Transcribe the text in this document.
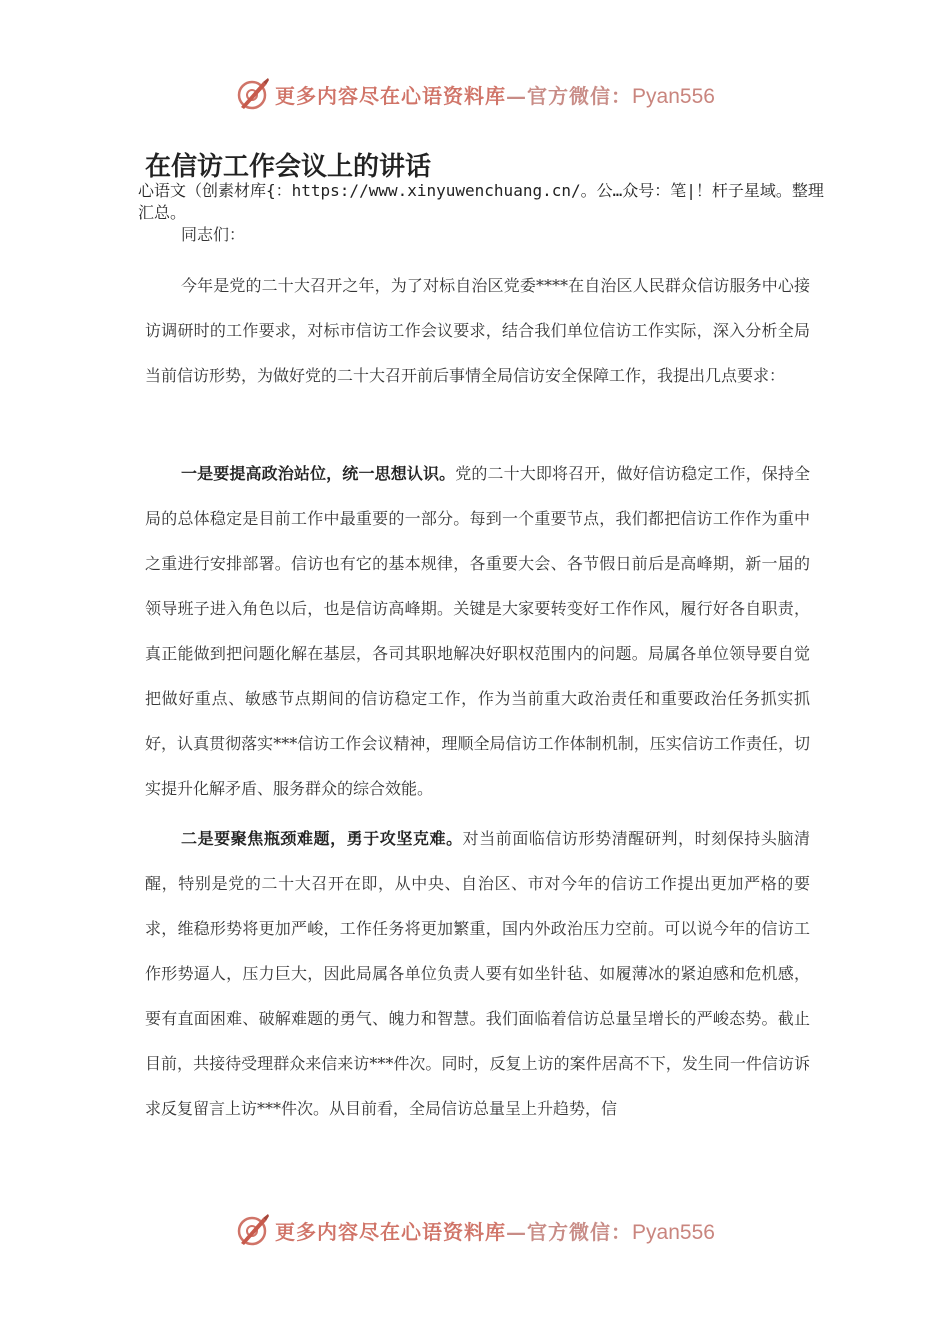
更多内容尽在心语资料库—官方微信：Pyan556
在信访工作会议上的讲话
心语文（创素材库{：https://www.xinyuwenchuang.cn/。公…众号：笔|！杆子星域。整理汇总。
同志们：

今年是党的二十大召开之年，为了对标自治区党委****在自治区人民群众信访服务中心接访调研时的工作要求，对标市信访工作会议要求，结合我们单位信访工作实际，深入分析全局当前信访形势，为做好党的二十大召开前后事情全局信访安全保障工作，我提出几点要求：

一是要提高政治站位，统一思想认识。党的二十大即将召开，做好信访稳定工作，保持全局的总体稳定是目前工作中最重要的一部分。每到一个重要节点，我们都把信访工作作为重中之重进行安排部署。信访也有它的基本规律，各重要大会、各节假日前后是高峰期，新一届的领导班子进入角色以后，也是信访高峰期。关键是大家要转变好工作作风，履行好各自职责，真正能做到把问题化解在基层，各司其职地解决好职权范围内的问题。局属各单位领导要自觉把做好重点、敏感节点期间的信访稳定工作，作为当前重大政治责任和重要政治任务抓实抓好，认真贯彻落实***信访工作会议精神，理顺全局信访工作体制机制，压实信访工作责任，切实提升化解矛盾、服务群众的综合效能。

二是要聚焦瓶颈难题，勇于攻坚克难。对当前面临信访形势清醒研判，时刻保持头脑清醒，特别是党的二十大召开在即，从中央、自治区、市对今年的信访工作提出更加严格的要求，维稳形势将更加严峻，工作任务将更加繁重，国内外政治压力空前。可以说今年的信访工作形势逼人，压力巨大，因此局属各单位负责人要有如坐针毡、如履薄冰的紧迫感和危机感，要有直面困难、破解难题的勇气、魄力和智慧。我们面临着信访总量呈增长的严峻态势。截止目前，共接待受理群众来信来访***件次。同时，反复上访的案件居高不下，发生同一件信访诉求反复留言上访***件次。从目前看，全局信访总量呈上升趋势，信

更多内容尽在心语资料库—官方微信：Pyan556
